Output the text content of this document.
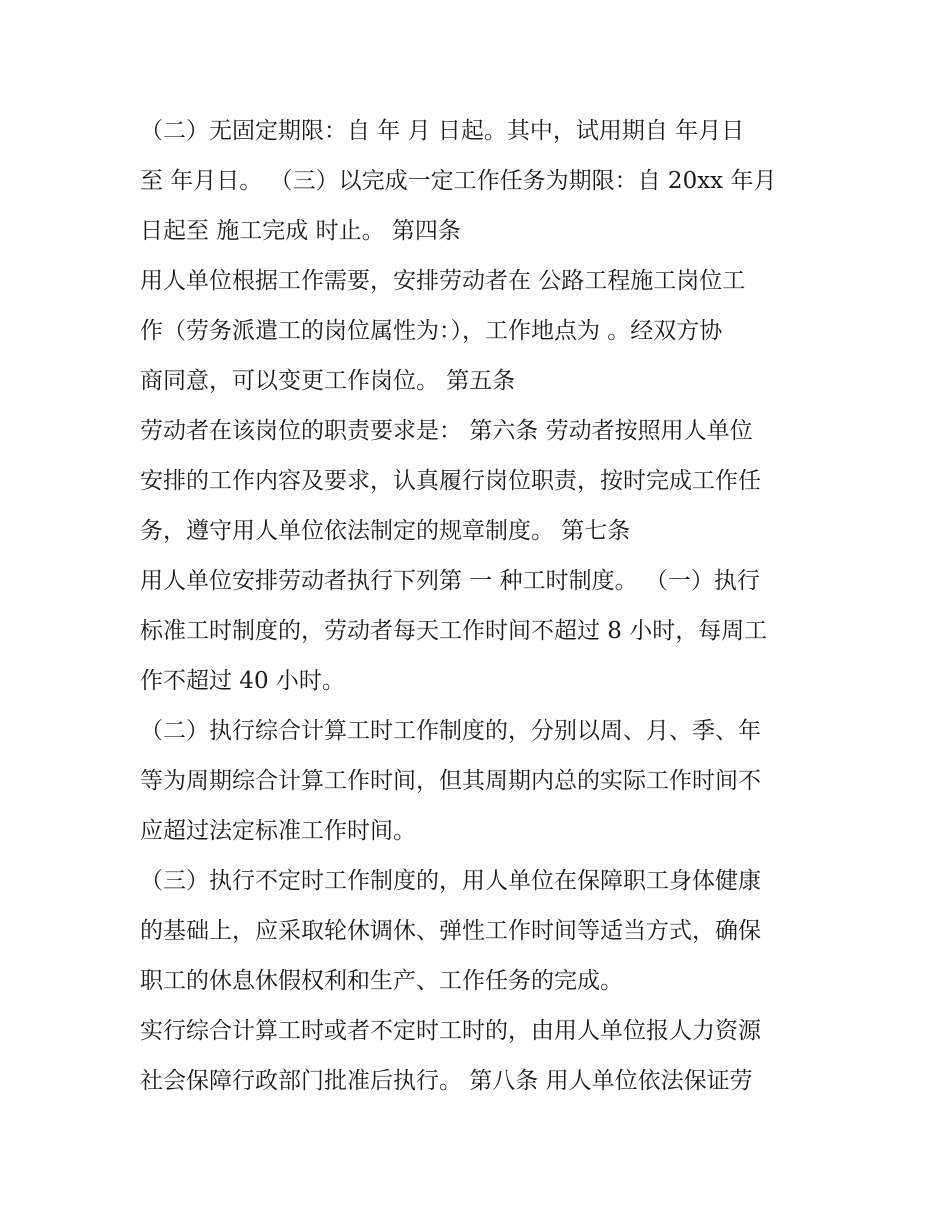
（二）无固定期限：自 年 月 日起。其中，试用期自 年月日
至 年月日。 （三）以完成一定工作任务为期限：自 20xx 年月
日起至 施工完成 时止。 第四条
用人单位根据工作需要，安排劳动者在 公路工程施工岗位工
作（劳务派遣工的岗位属性为：），工作地点为 。经双方协
商同意，可以变更工作岗位。 第五条
劳动者在该岗位的职责要求是： 第六条 劳动者按照用人单位
安排的工作内容及要求，认真履行岗位职责，按时完成工作任
务，遵守用人单位依法制定的规章制度。 第七条
用人单位安排劳动者执行下列第 一 种工时制度。 （一）执行
标准工时制度的，劳动者每天工作时间不超过 8 小时，每周工
作不超过 40 小时。
（二）执行综合计算工时工作制度的，分别以周、月、季、年
等为周期综合计算工作时间，但其周期内总的实际工作时间不
应超过法定标准工作时间。
（三）执行不定时工作制度的，用人单位在保障职工身体健康
的基础上，应采取轮休调休、弹性工作时间等适当方式，确保
职工的休息休假权利和生产、工作任务的完成。
实行综合计算工时或者不定时工时的，由用人单位报人力资源
社会保障行政部门批准后执行。 第八条 用人单位依法保证劳
